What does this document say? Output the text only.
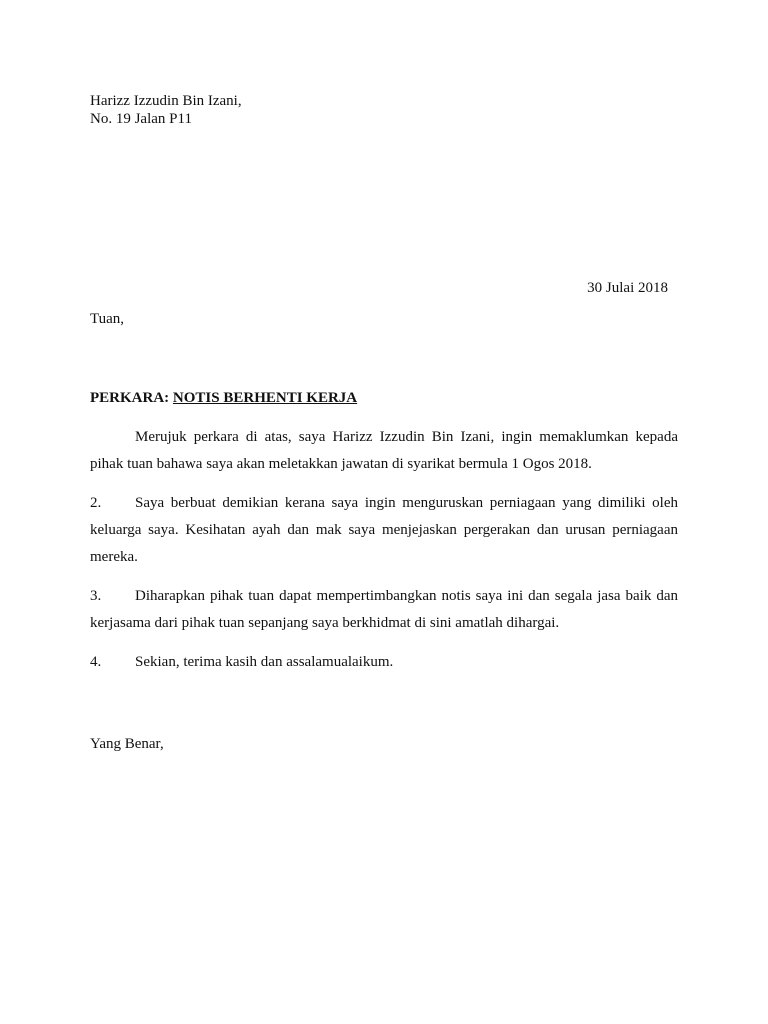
Harizz Izzudin Bin Izani,
No. 19 Jalan P11
30 Julai 2018
Tuan,
PERKARA: NOTIS BERHENTI KERJA
Merujuk perkara di atas, saya Harizz Izzudin Bin Izani, ingin memaklumkan kepada pihak tuan bahawa saya akan meletakkan jawatan di syarikat bermula 1 Ogos 2018.
2. Saya berbuat demikian kerana saya ingin menguruskan perniagaan yang dimiliki oleh keluarga saya. Kesihatan ayah dan mak saya menjejaskan pergerakan dan urusan perniagaan mereka.
3. Diharapkan pihak tuan dapat mempertimbangkan notis saya ini dan segala jasa baik dan kerjasama dari pihak tuan sepanjang saya berkhidmat di sini amatlah dihargai.
4. Sekian, terima kasih dan assalamualaikum.
Yang Benar,
